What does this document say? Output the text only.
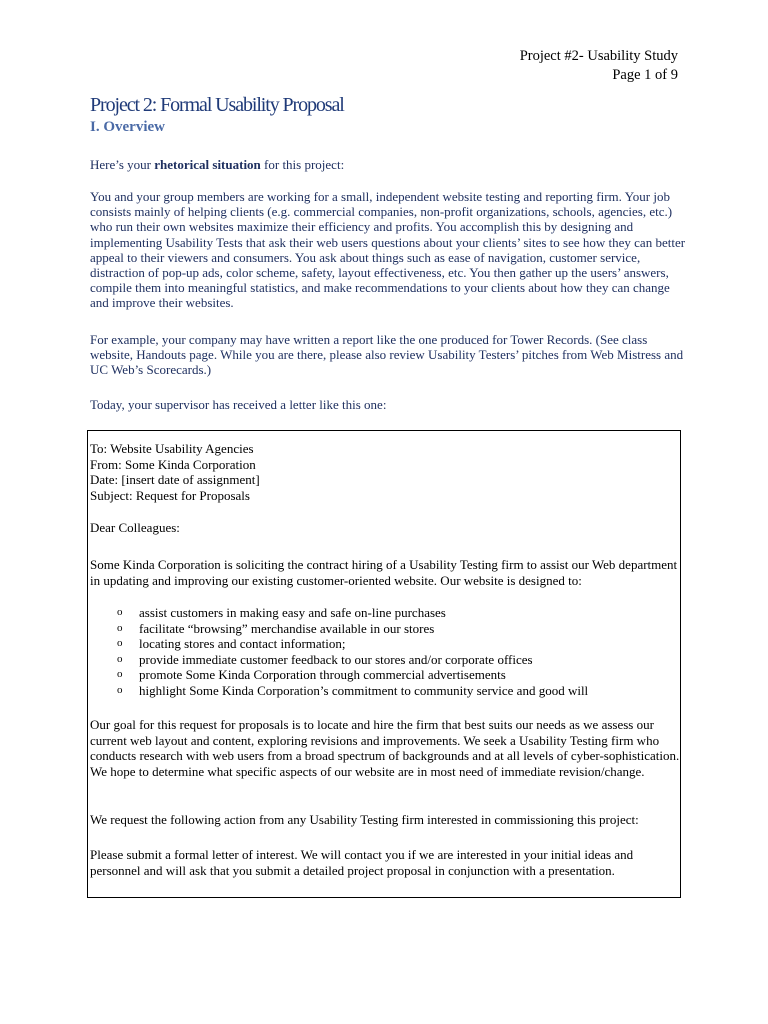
Project #2- Usability Study
Page 1 of 9
Project 2: Formal Usability Proposal
I. Overview

Here’s your rhetorical situation for this project:

You and your group members are working for a small, independent website testing and reporting firm. Your job consists mainly of helping clients (e.g. commercial companies, non-profit organizations, schools, agencies, etc.) who run their own websites maximize their efficiency and profits. You accomplish this by designing and implementing Usability Tests that ask their web users questions about your clients’ sites to see how they can better appeal to their viewers and consumers. You ask about things such as ease of navigation, customer service, distraction of pop-up ads, color scheme, safety, layout effectiveness, etc. You then gather up the users’ answers, compile them into meaningful statistics, and make recommendations to your clients about how they can change and improve their websites.

For example, your company may have written a report like the one produced for Tower Records. (See class website, Handouts page. While you are there, please also review Usability Testers’ pitches from Web Mistress and UC Web’s Scorecards.)

Today, your supervisor has received a letter like this one:

To: Website Usability Agencies
From: Some Kinda Corporation
Date: [insert date of assignment]
Subject: Request for Proposals
Dear Colleagues:
Some Kinda Corporation is soliciting the contract hiring of a Usability Testing firm to assist our Web department in updating and improving our existing customer-oriented website. Our website is designed to:
o assist customers in making easy and safe on-line purchases
o facilitate “browsing” merchandise available in our stores
o locating stores and contact information;
o provide immediate customer feedback to our stores and/or corporate offices
o promote Some Kinda Corporation through commercial advertisements
o highlight Some Kinda Corporation’s commitment to community service and good will
Our goal for this request for proposals is to locate and hire the firm that best suits our needs as we assess our current web layout and content, exploring revisions and improvements. We seek a Usability Testing firm who conducts research with web users from a broad spectrum of backgrounds and at all levels of cyber-sophistication. We hope to determine what specific aspects of our website are in most need of immediate revision/change.
We request the following action from any Usability Testing firm interested in commissioning this project:
Please submit a formal letter of interest. We will contact you if we are interested in your initial ideas and personnel and will ask that you submit a detailed project proposal in conjunction with a presentation.
